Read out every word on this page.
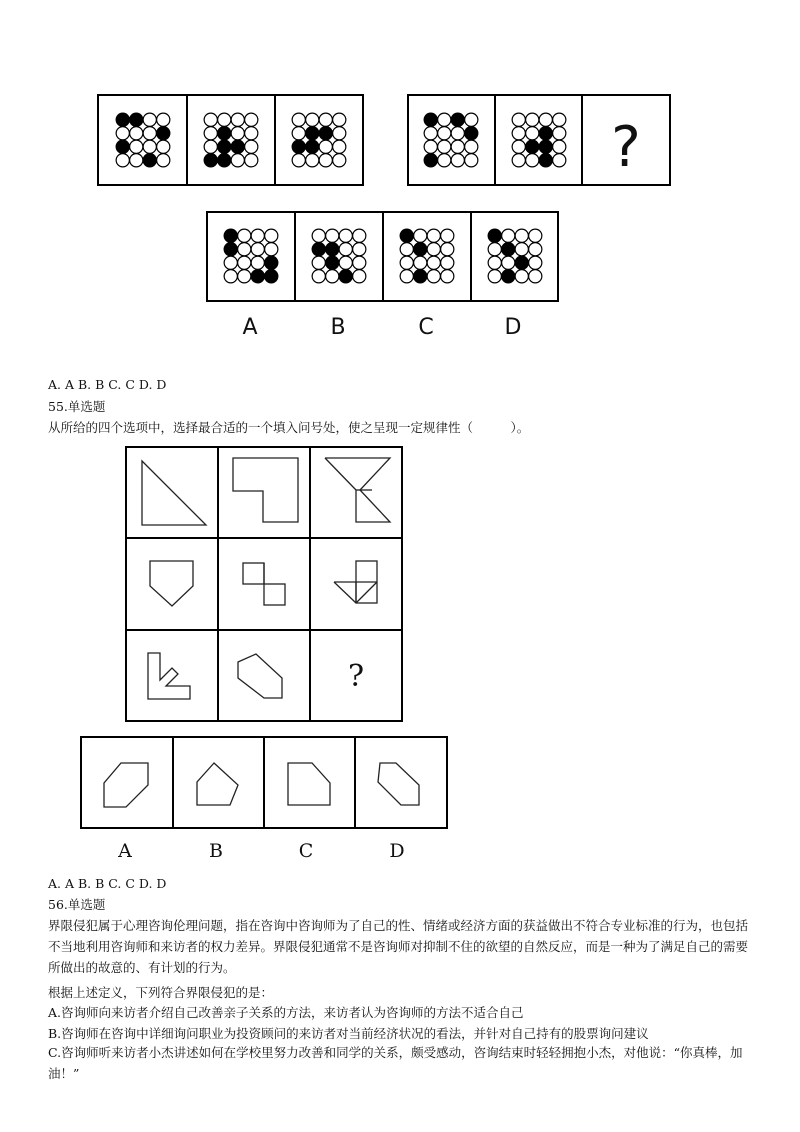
?
A	B	C	D
A. A B. B C. C D. D
55.单选题
从所给的四个选项中，选择最合适的一个填入问号处，使之呈现一定规律性（　　　）。
?
A	B	C	D
A. A B. B C. C D. D
56.单选题
界限侵犯属于心理咨询伦理问题，指在咨询中咨询师为了自己的性、情绪或经济方面的获益做出不符合专业标准的行为，也包括不当地利用咨询师和来访者的权力差异。界限侵犯通常不是咨询师对抑制不住的欲望的自然反应，而是一种为了满足自己的需要所做出的故意的、有计划的行为。
根据上述定义，下列符合界限侵犯的是：
A.咨询师向来访者介绍自己改善亲子关系的方法，来访者认为咨询师的方法不适合自己
B.咨询师在咨询中详细询问职业为投资顾问的来访者对当前经济状况的看法，并针对自己持有的股票询问建议
C.咨询师听来访者小杰讲述如何在学校里努力改善和同学的关系，颇受感动，咨询结束时轻轻拥抱小杰，对他说：“你真棒，加油！”
